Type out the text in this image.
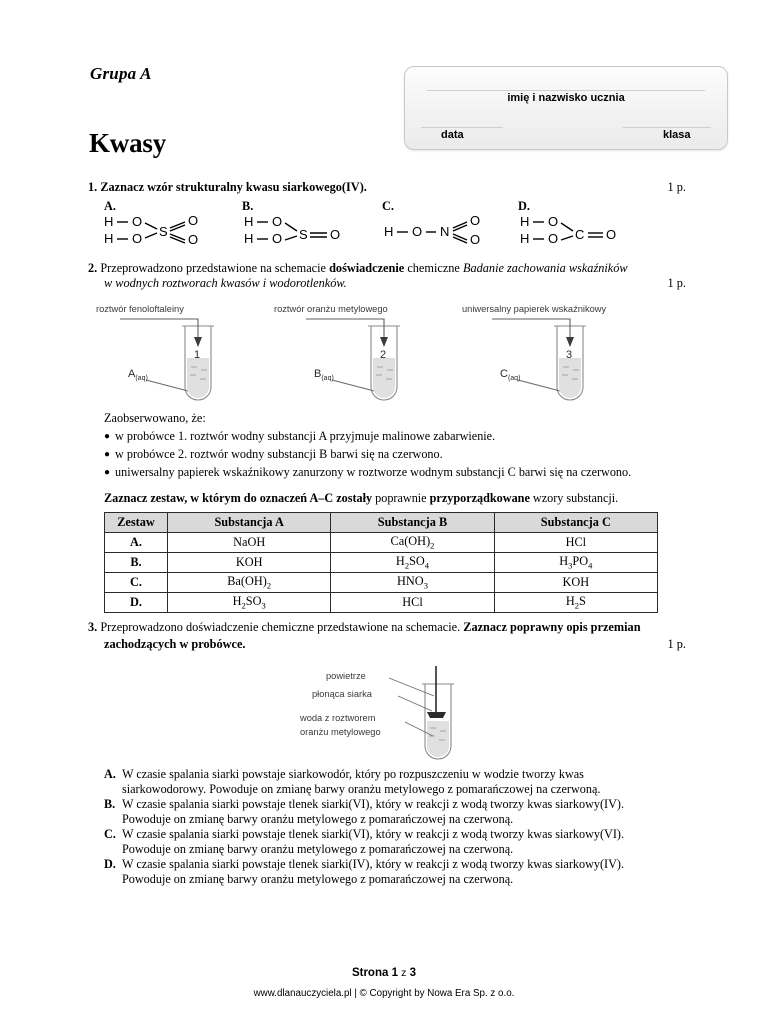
Grupa A
imię i nazwisko ucznia
data	klasa
Kwasy
1. Zaznacz wzór strukturalny kwasu siarkowego(IV).	1 p.
A.	B.	C.	D.
H O
H O S
O
O
H O
H O S O	H O N
O
O
H O
H O C O
2. Przeprowadzono przedstawione na schemacie doświadczenie chemiczne Badanie zachowania wskaźników
w wodnych roztworach kwasów i wodorotlenków.	1 p.
roztwór fenoloftaleiny	roztwór oranżu metylowego	uniwersalny papierek wskaźnikowy
1	2	3
$A_{(aq)}$	$B_{(aq)}$	$C_{(aq)}$
Zaobserwowano, że:
● w probówce 1. roztwór wodny substancji A przyjmuje malinowe zabarwienie.
● w probówce 2. roztwór wodny substancji B barwi się na czerwono.
● uniwersalny papierek wskaźnikowy zanurzony w roztworze wodnym substancji C barwi się na czerwono.
Zaznacz zestaw, w którym do oznaczeń A–C zostały poprawnie przyporządkowane wzory substancji.
Zestaw	Substancja A	Substancja B	Substancja C
A.	NaOH	$Ca(OH)_2$	HCl
B.	KOH	$H_2SO_4$	$H_3PO_4$
C.	$Ba(OH)_2$	$HNO_3$	KOH
D.	$H_2SO_3$	HCl	$H_2S$
3. Przeprowadzono doświadczenie chemiczne przedstawione na schemacie. Zaznacz poprawny opis przemian
zachodzących w probówce.	1 p.
powietrze
płonąca siarka
woda z roztworem
oranżu metylowego
A. W czasie spalania siarki powstaje siarkowodór, który po rozpuszczeniu w wodzie tworzy kwas
siarkowodorowy. Powoduje on zmianę barwy oranżu metylowego z pomarańczowej na czerwoną.
B. W czasie spalania siarki powstaje tlenek siarki(VI), który w reakcji z wodą tworzy kwas siarkowy(IV).
Powoduje on zmianę barwy oranżu metylowego z pomarańczowej na czerwoną.
C. W czasie spalania siarki powstaje tlenek siarki(VI), który w reakcji z wodą tworzy kwas siarkowy(VI).
Powoduje on zmianę barwy oranżu metylowego z pomarańczowej na czerwoną.
D. W czasie spalania siarki powstaje tlenek siarki(IV), który w reakcji z wodą tworzy kwas siarkowy(IV).
Powoduje on zmianę barwy oranżu metylowego z pomarańczowej na czerwoną.
Strona 1 z 3
www.dlanauczyciela.pl | © Copyright by Nowa Era Sp. z o.o.
